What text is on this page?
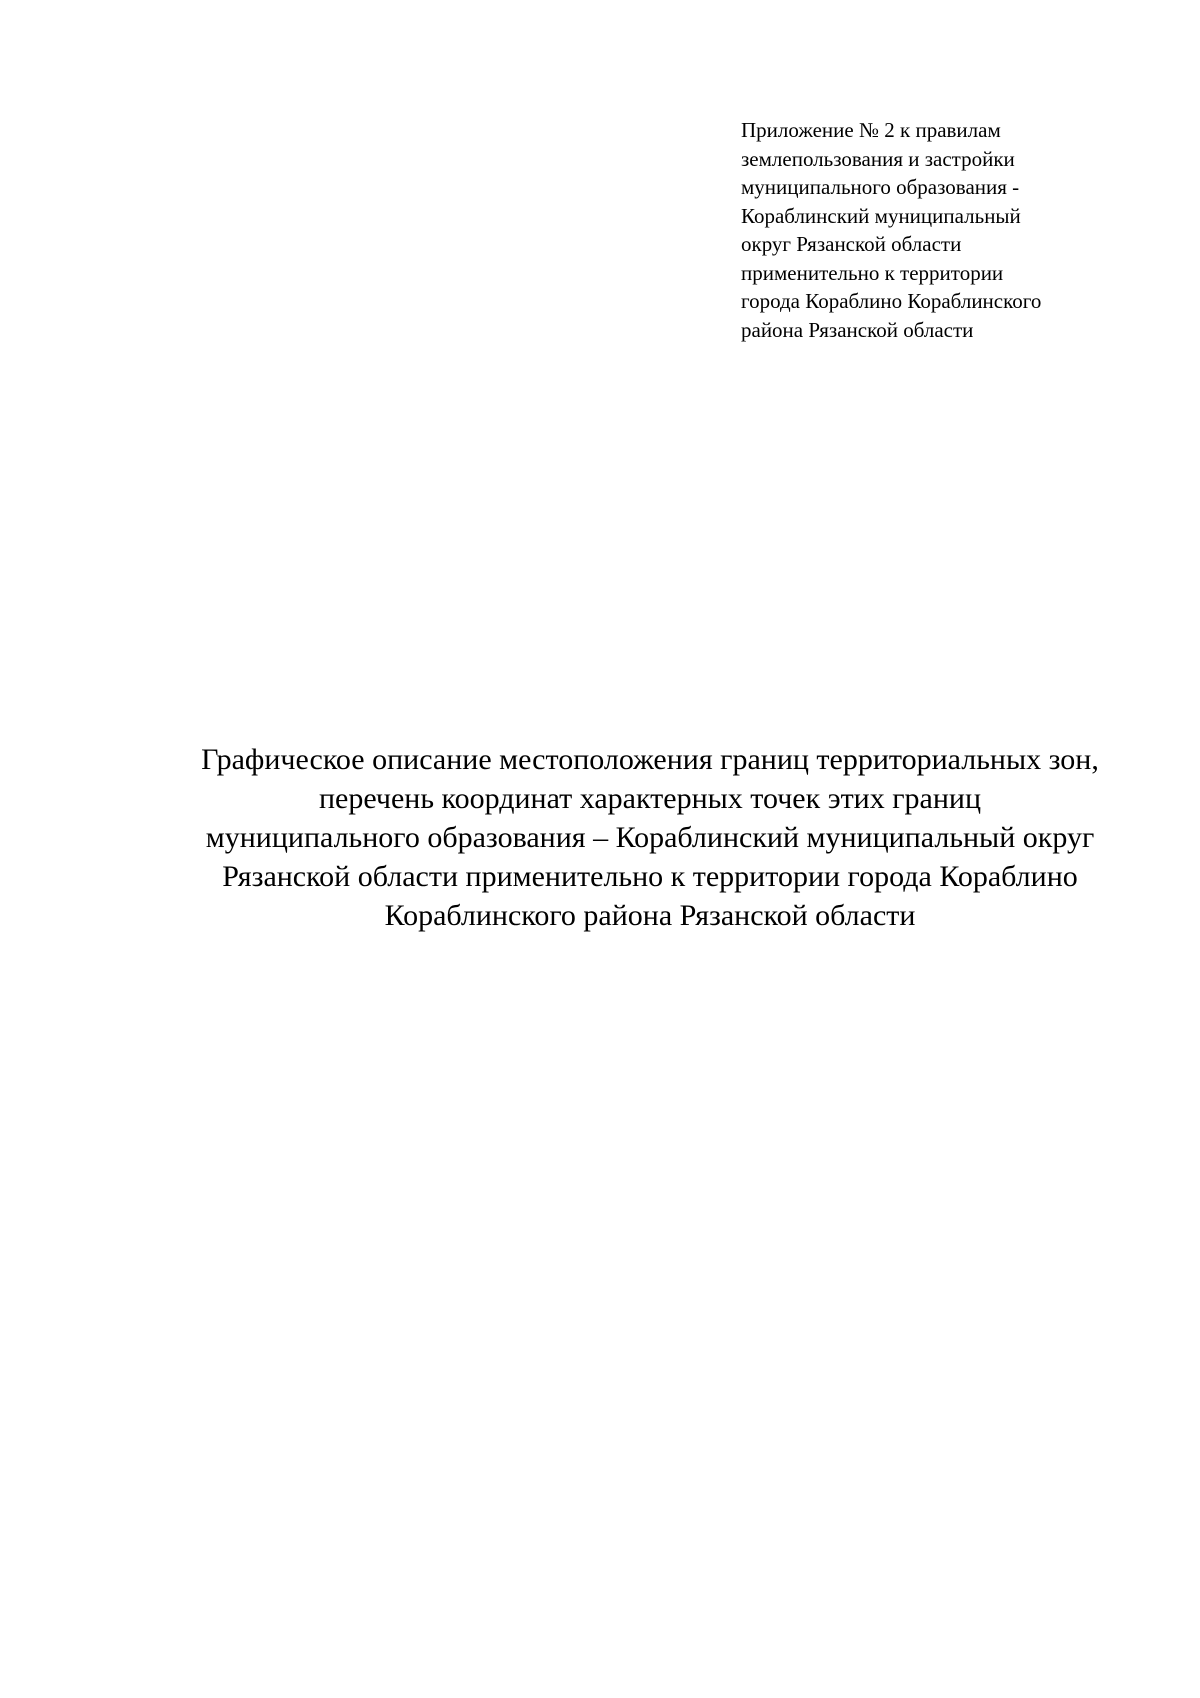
Приложение № 2 к правилам
землепользования и застройки
муниципального образования -
Кораблинский муниципальный
округ Рязанской области
применительно к территории
города Кораблино Кораблинского
района Рязанской области
Графическое описание местоположения границ территориальных зон,
перечень координат характерных точек этих границ
муниципального образования – Кораблинский муниципальный округ
Рязанской области применительно к территории города Кораблино
Кораблинского района Рязанской области
